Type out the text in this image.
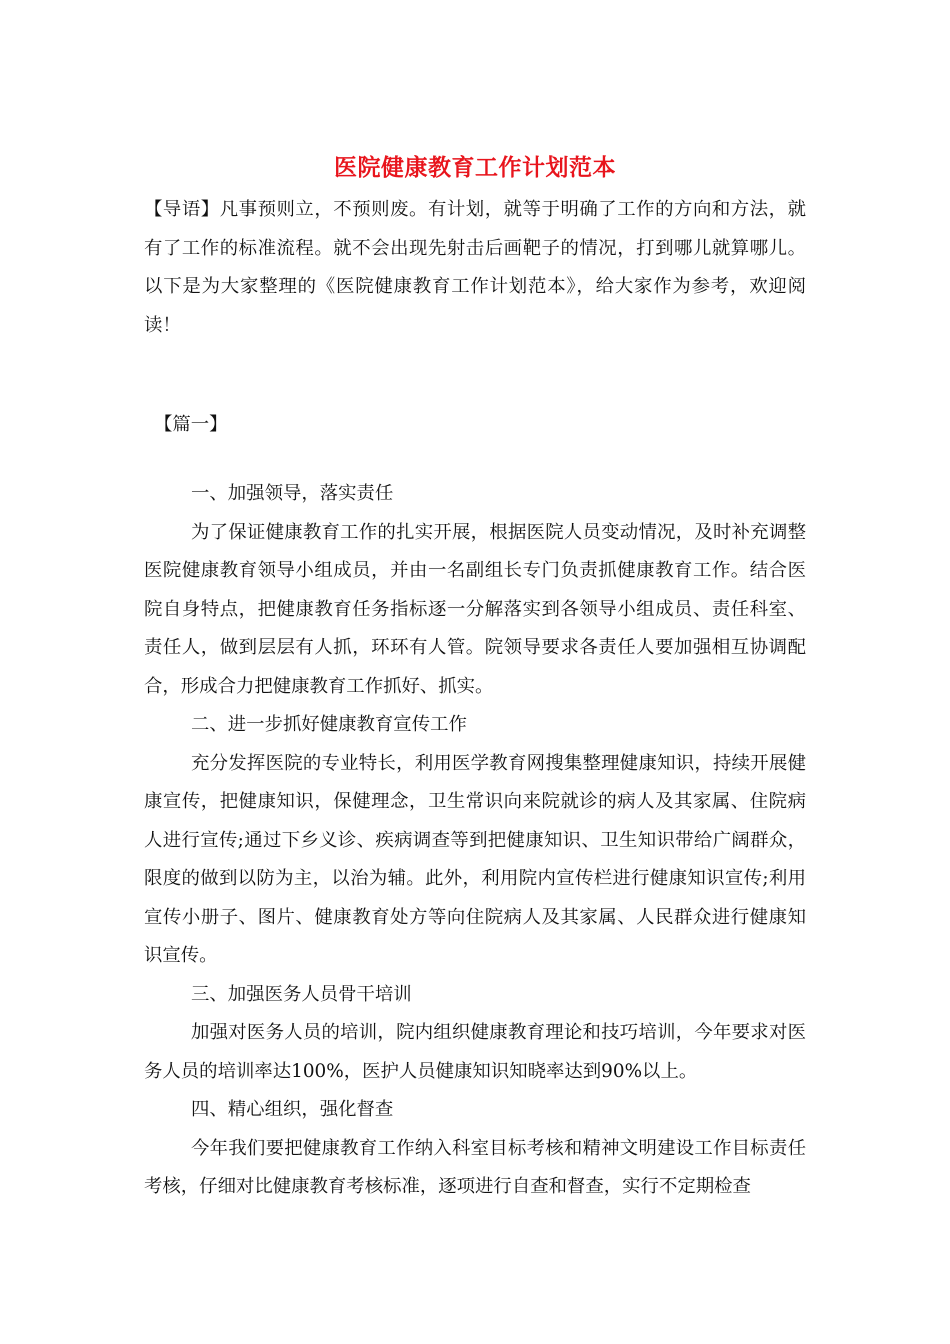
医院健康教育工作计划范本

【导语】凡事预则立，不预则废。有计划，就等于明确了工作的方向和方法，就有了工作的标准流程。就不会出现先射击后画靶子的情况，打到哪儿就算哪儿。以下是为大家整理的《医院健康教育工作计划范本》，给大家作为参考，欢迎阅读！

【篇一】

一、加强领导，落实责任

为了保证健康教育工作的扎实开展，根据医院人员变动情况，及时补充调整医院健康教育领导小组成员，并由一名副组长专门负责抓健康教育工作。结合医院自身特点，把健康教育任务指标逐一分解落实到各领导小组成员、责任科室、责任人，做到层层有人抓，环环有人管。院领导要求各责任人要加强相互协调配合，形成合力把健康教育工作抓好、抓实。

二、进一步抓好健康教育宣传工作

充分发挥医院的专业特长，利用医学教育网搜集整理健康知识，持续开展健康宣传，把健康知识，保健理念，卫生常识向来院就诊的病人及其家属、住院病人进行宣传;通过下乡义诊、疾病调查等到把健康知识、卫生知识带给广阔群众，限度的做到以防为主，以治为辅。此外，利用院内宣传栏进行健康知识宣传;利用宣传小册子、图片、健康教育处方等向住院病人及其家属、人民群众进行健康知识宣传。

三、加强医务人员骨干培训

加强对医务人员的培训，院内组织健康教育理论和技巧培训，今年要求对医务人员的培训率达100%，医护人员健康知识知晓率达到90%以上。

四、精心组织，强化督查

今年我们要把健康教育工作纳入科室目标考核和精神文明建设工作目标责任考核，仔细对比健康教育考核标准，逐项进行自查和督查，实行不定期检查
